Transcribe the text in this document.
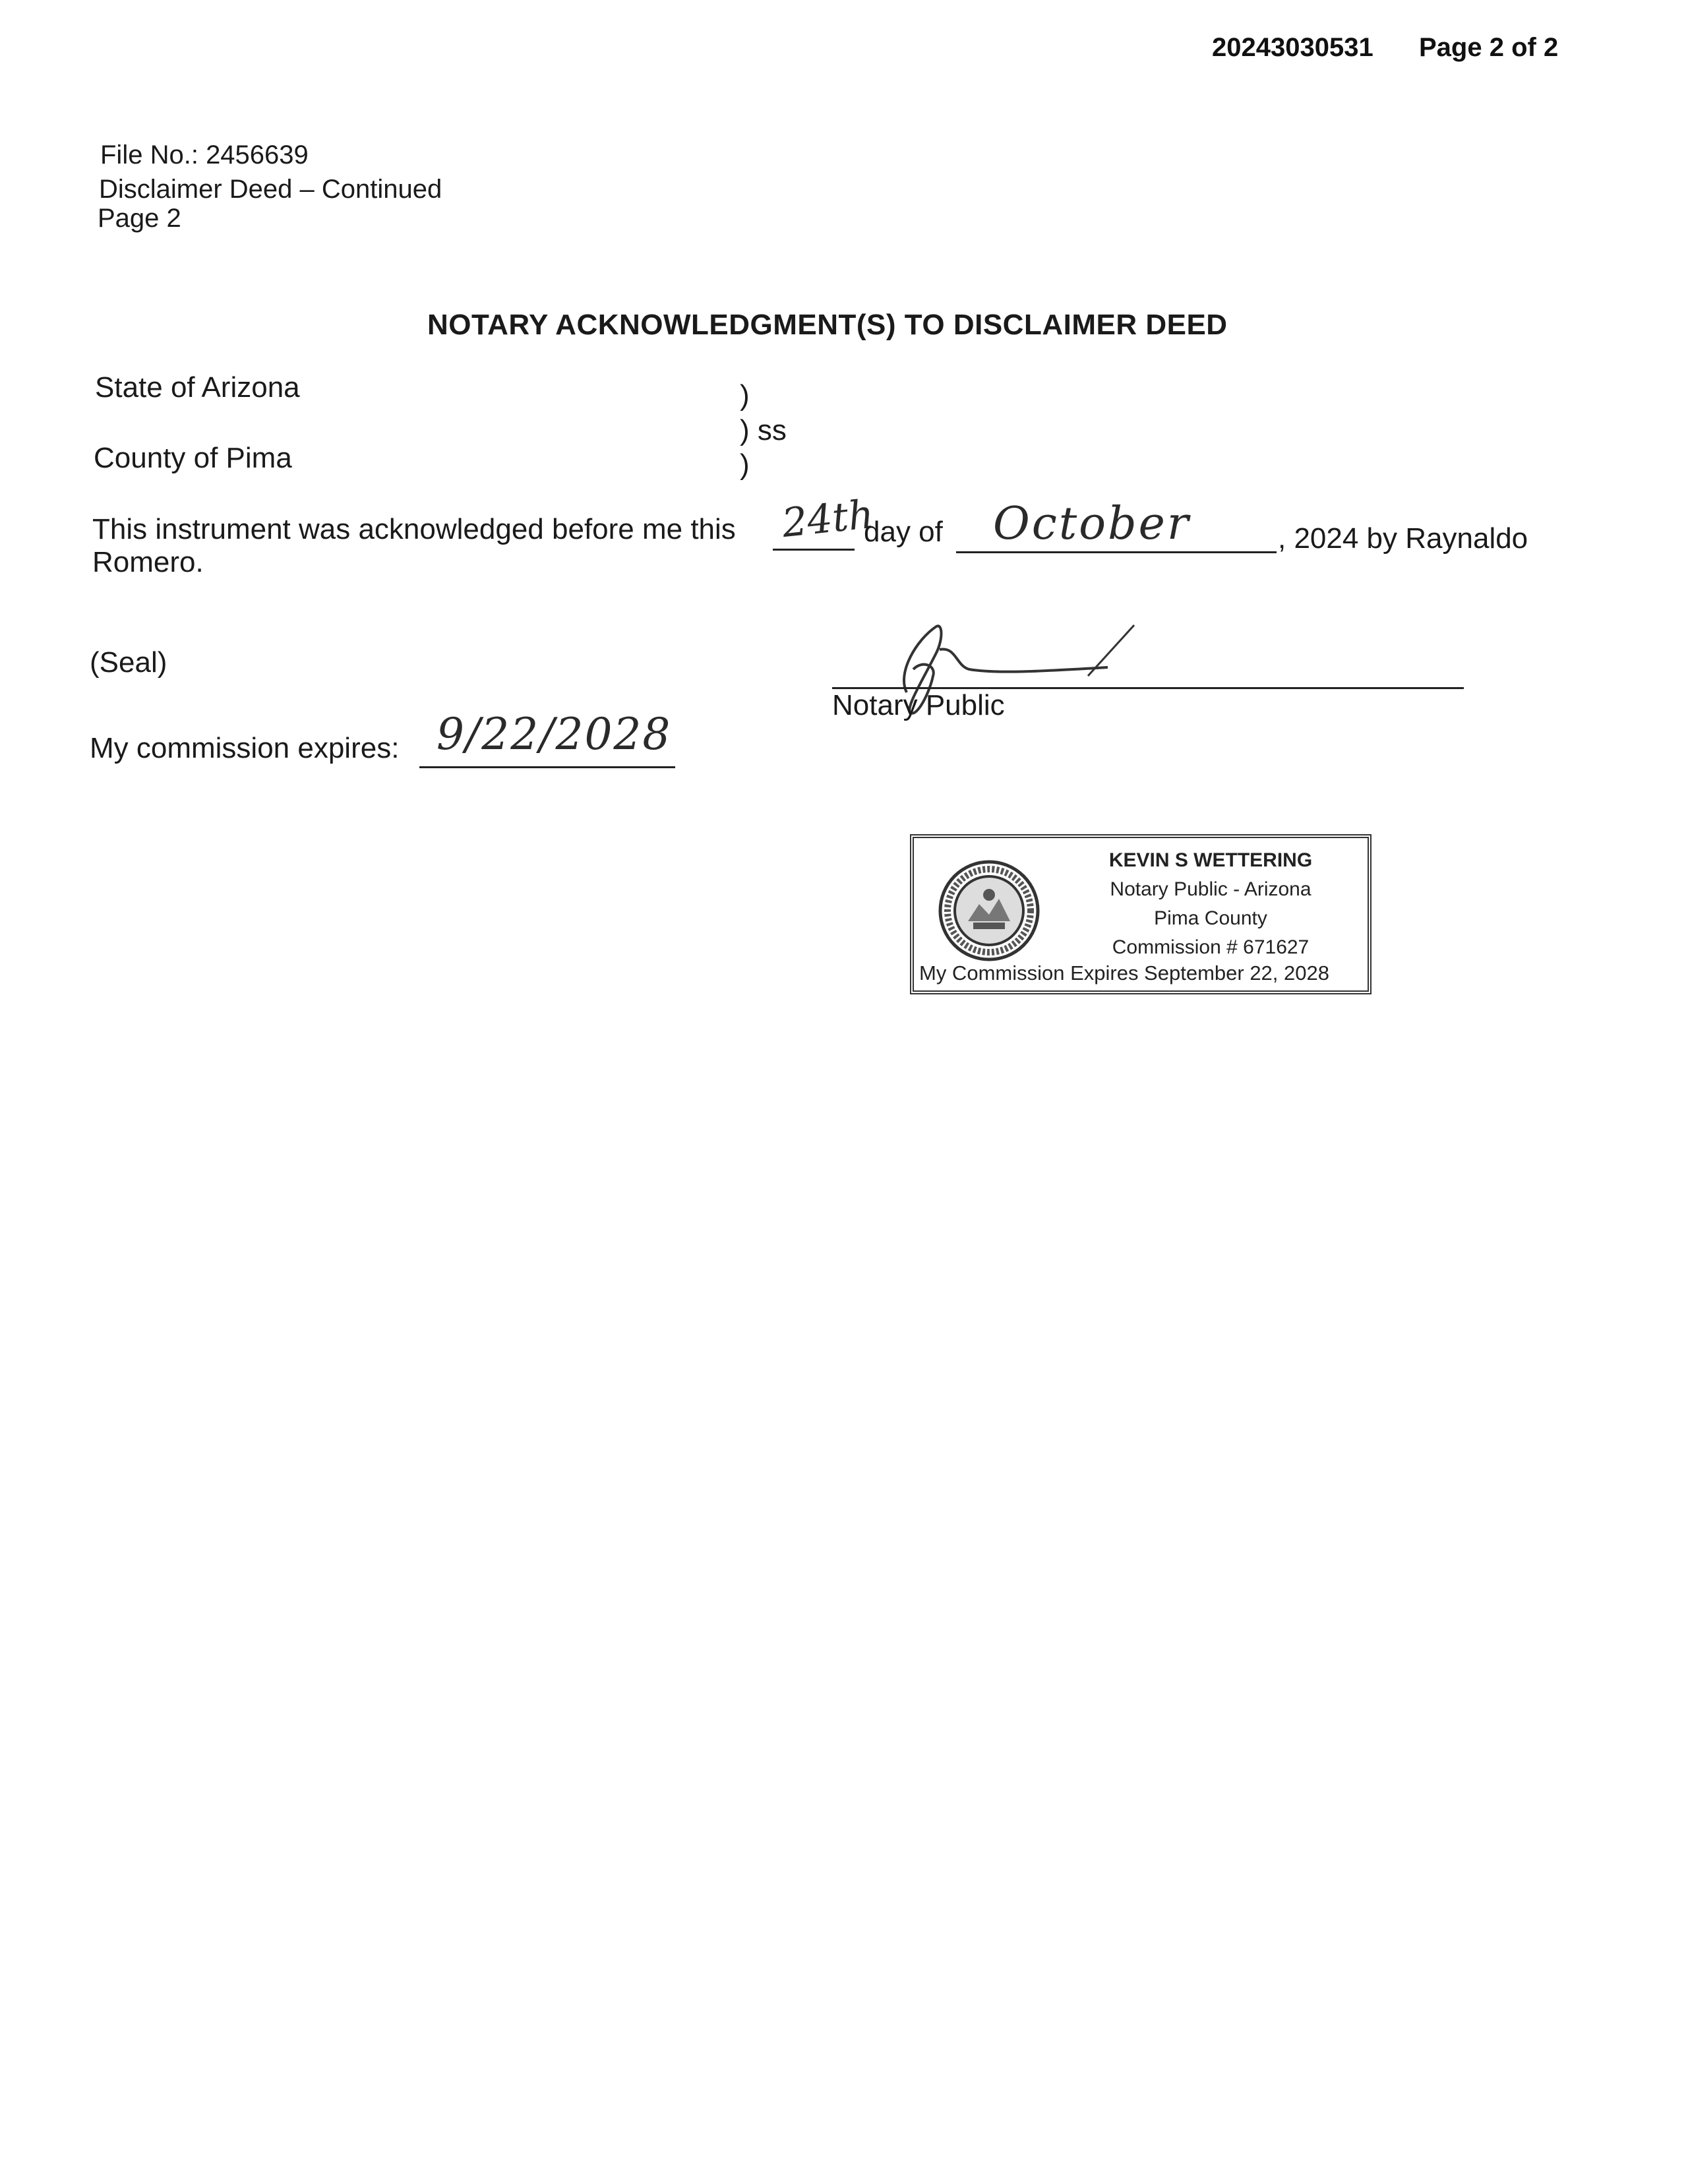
20243030531 Page 2 of 2
File No.: 2456639
Disclaimer Deed – Continued
Page 2
NOTARY ACKNOWLEDGMENT(S) TO DISCLAIMER DEED
State of Arizona
County of Pima
)
) ss
)
This instrument was acknowledged before me this 24th
day of October	, 2024 by Raynaldo
Romero.
(Seal)
Notary Public
My commission expires: 9/22/2028
KEVIN S WETTERING
Notary Public - Arizona
Pima County
Commission # 671627
My Commission Expires September 22, 2028
